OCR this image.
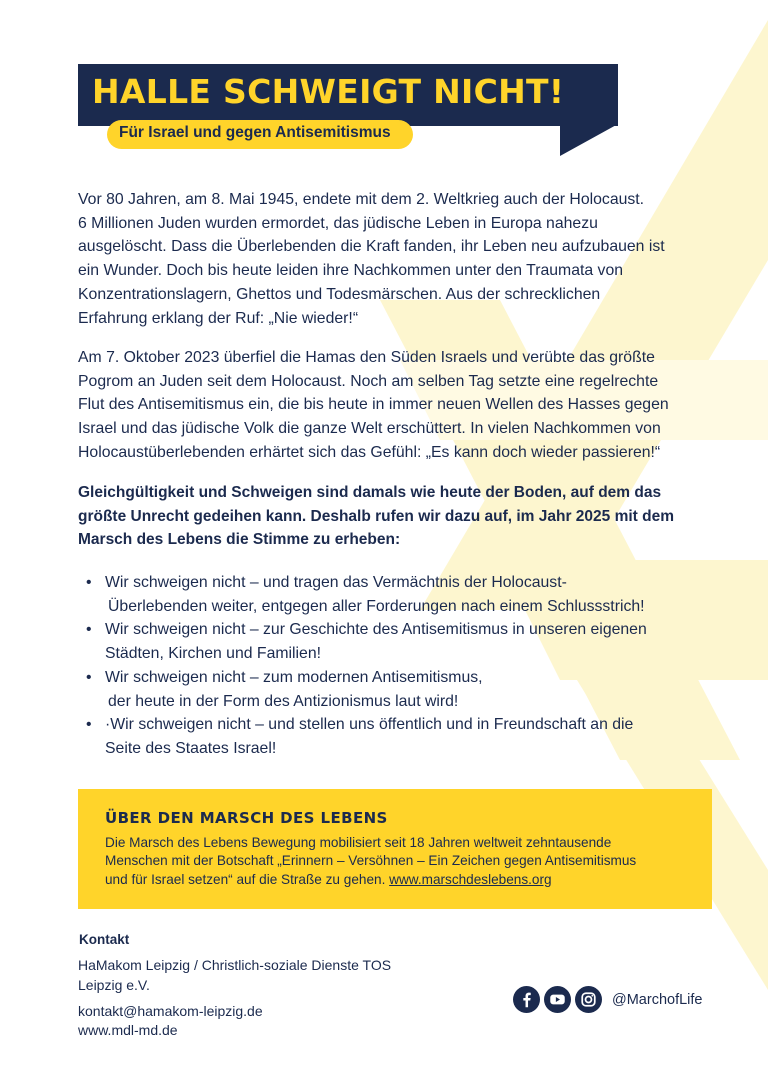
HALLE SCHWEIGT NICHT!
Für Israel und gegen Antisemitismus

Vor 80 Jahren, am 8. Mai 1945, endete mit dem 2. Weltkrieg auch der Holocaust.
6 Millionen Juden wurden ermordet, das jüdische Leben in Europa nahezu
ausgelöscht. Dass die Überlebenden die Kraft fanden, ihr Leben neu aufzubauen ist
ein Wunder. Doch bis heute leiden ihre Nachkommen unter den Traumata von
Konzentrationslagern, Ghettos und Todesmärschen. Aus der schrecklichen
Erfahrung erklang der Ruf: „Nie wieder!“

Am 7. Oktober 2023 überfiel die Hamas den Süden Israels und verübte das größte
Pogrom an Juden seit dem Holocaust. Noch am selben Tag setzte eine regelrechte
Flut des Antisemitismus ein, die bis heute in immer neuen Wellen des Hasses gegen
Israel und das jüdische Volk die ganze Welt erschüttert. In vielen Nachkommen von
Holocaustüberlebenden erhärtet sich das Gefühl: „Es kann doch wieder passieren!“

Gleichgültigkeit und Schweigen sind damals wie heute der Boden, auf dem das
größte Unrecht gedeihen kann. Deshalb rufen wir dazu auf, im Jahr 2025 mit dem
Marsch des Lebens die Stimme zu erheben:

• Wir schweigen nicht – und tragen das Vermächtnis der Holocaust-
Überlebenden weiter, entgegen aller Forderungen nach einem Schlussstrich!
• Wir schweigen nicht – zur Geschichte des Antisemitismus in unseren eigenen
Städten, Kirchen und Familien!
• Wir schweigen nicht – zum modernen Antisemitismus,
der heute in der Form des Antizionismus laut wird!
• ·Wir schweigen nicht – und stellen uns öffentlich und in Freundschaft an die
Seite des Staates Israel!
ÜBER DEN MARSCH DES LEBENS

Die Marsch des Lebens Bewegung mobilisiert seit 18 Jahren weltweit zehntausende
Menschen mit der Botschaft „Erinnern – Versöhnen – Ein Zeichen gegen Antisemitismus
und für Israel setzen“ auf die Straße zu gehen. www.marschdeslebens.org

Kontakt
HaMakom Leipzig / Christlich-soziale Dienste TOS
Leipzig e.V.
kontakt@hamakom-leipzig.de
www.mdl-md.de
@MarchofLife
